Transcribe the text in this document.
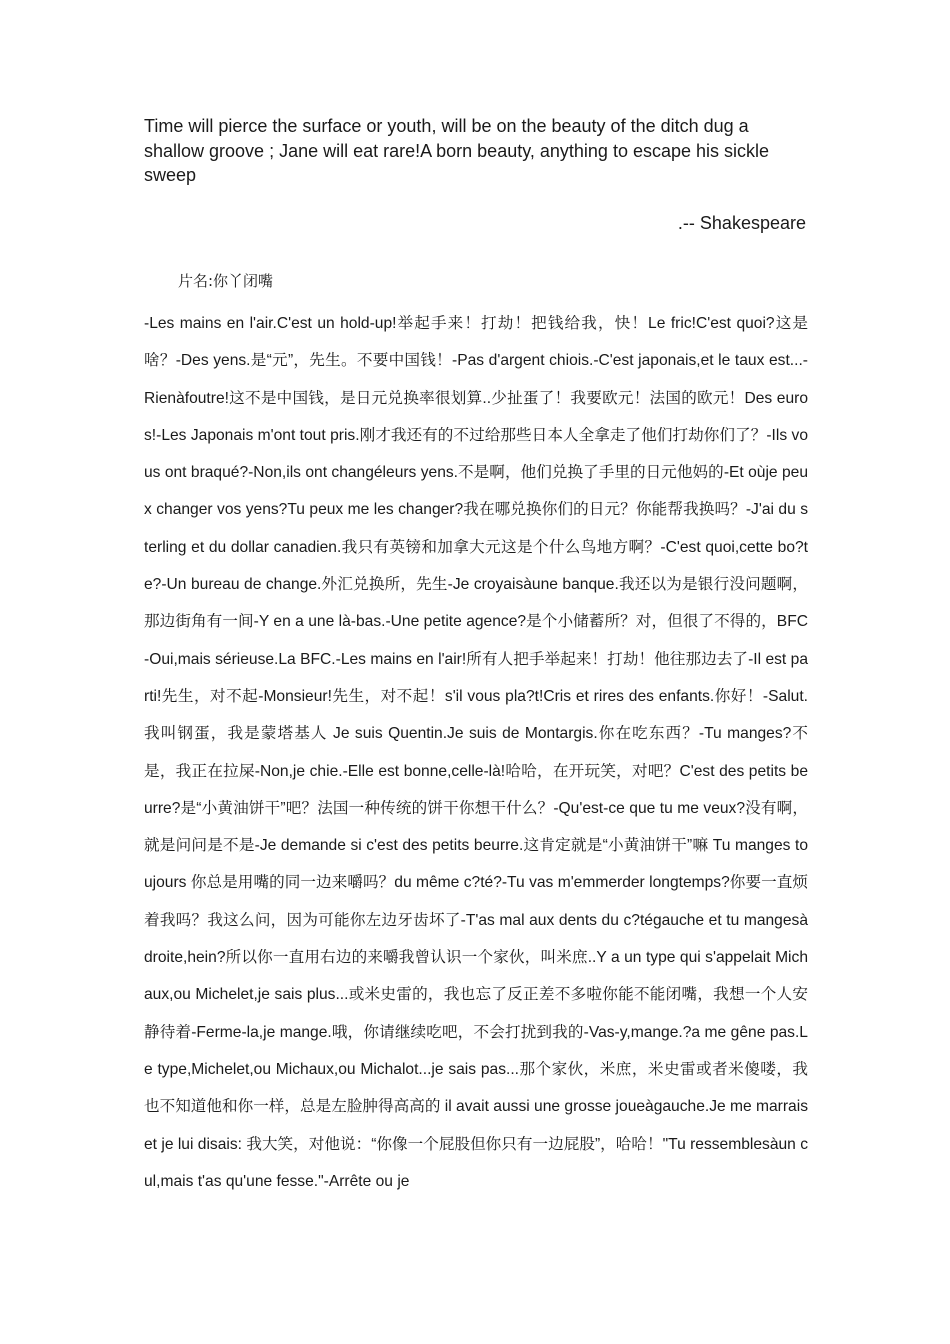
Time will pierce the surface or youth, will be on the beauty of the ditch dug a shallow groove ; Jane will eat rare!A born beauty, anything to escape his sickle sweep
.-- Shakespeare
片名:你丫闭嘴
-Les mains en l'air.C'est un hold-up!举起手来！打劫！把钱给我，快！Le fric!C'est quoi?这是啥？-Des yens.是“元”，先生。不要中国钱！-Pas d'argent chiois.-C'est japonais,et le taux est...-Rienàfoutre!这不是中国钱，是日元兑换率很划算..少扯蛋了！我要欧元！法国的欧元！Des euros!-Les Japonais m'ont tout pris.刚才我还有的不过给那些日本人全拿走了他们打劫你们了？-Ils vous ont braqué?-Non,ils ont changéleurs yens.不是啊，他们兑换了手里的日元他妈的-Et oùje peux changer vos yens?Tu peux me les changer?我在哪兑换你们的日元？你能帮我换吗？-J'ai du sterling et du dollar canadien.我只有英镑和加拿大元这是个什么鸟地方啊？-C'est quoi,cette bo?te?-Un bureau de change.外汇兑换所，先生-Je croyaisàune banque.我还以为是银行没问题啊，那边街角有一间-Y en a une là-bas.-Une petite agence?是个小储蓄所？对，但很了不得的，BFC-Oui,mais sérieuse.La BFC.-Les mains en l'air!所有人把手举起来！打劫！他往那边去了-Il est parti!先生，对不起-Monsieur!先生，对不起！s'il vous pla?t!Cris et rires des enfants.你好！-Salut.我叫钢蛋，我是蒙塔基人 Je suis Quentin.Je suis de Montargis.你在吃东西？-Tu manges?不是，我正在拉屎-Non,je chie.-Elle est bonne,celle-là!哈哈，在开玩笑，对吧？C'est des petits beurre?是“小黄油饼干”吧？法国一种传统的饼干你想干什么？-Qu'est-ce que tu me veux?没有啊，就是问问是不是-Je demande si c'est des petits beurre.这肯定就是“小黄油饼干”嘛 Tu manges toujours 你总是用嘴的同一边来嚼吗？du même c?té?-Tu vas m'emmerder longtemps?你要一直烦着我吗？我这么问，因为可能你左边牙齿坏了-T'as mal aux dents du c?tégauche et tu mangesàdroite,hein?所以你一直用右边的来嚼我曾认识一个家伙，叫米庶..Y a un type qui s'appelait Michaux,ou Michelet,je sais plus...或米史雷的，我也忘了反正差不多啦你能不能闭嘴，我想一个人安静待着-Ferme-la,je mange.哦，你请继续吃吧，不会打扰到我的-Vas-y,mange.?a me gêne pas.Le type,Michelet,ou Michaux,ou Michalot...je sais pas...那个家伙，米庶，米史雷或者米傻喽，我也不知道他和你一样，总是左脸肿得高高的 il avait aussi une grosse joueàgauche.Je me marrais et je lui disais: 我大笑，对他说：“你像一个屁股但你只有一边屁股”，哈哈！"Tu ressemblesàun cul,mais t'as qu'une fesse."-Arrête ou je
